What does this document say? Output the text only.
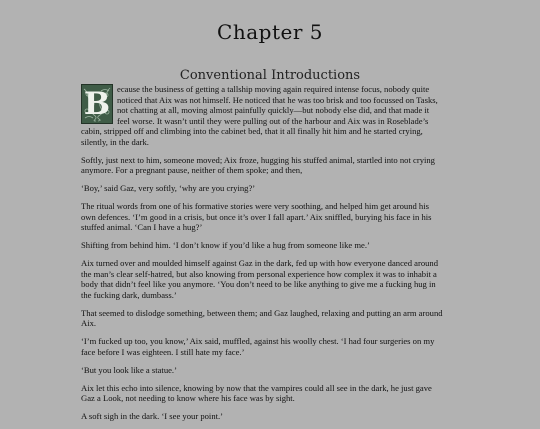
Chapter 5
Conventional Introductions
B ecause the business of getting a tallship moving again required intense focus, nobody quite noticed that Aix was not himself. He noticed that he was too brisk and too focussed on Tasks, not chatting at all, moving almost painfully quickly—but nobody else did, and that made it feel worse. It wasn’t until they were pulling out of the harbour and Aix was in Roseblade’s cabin, stripped off and climbing into the cabinet bed, that it all finally hit him and he started crying, silently, in the dark.

Softly, just next to him, someone moved; Aix froze, hugging his stuffed animal, startled into not crying anymore. For a pregnant pause, neither of them spoke; and then,

‘Boy,’ said Gaz, very softly, ‘why are you crying?’

The ritual words from one of his formative stories were very soothing, and helped him get around his own defences. ‘I’m good in a crisis, but once it’s over I fall apart.’ Aix sniffled, burying his face in his stuffed animal. ‘Can I have a hug?’

Shifting from behind him. ‘I don’t know if you’d like a hug from someone like me.’

Aix turned over and moulded himself against Gaz in the dark, fed up with how everyone danced around the man’s clear self-hatred, but also knowing from personal experience how complex it was to inhabit a body that didn’t feel like you anymore. ‘You don’t need to be like anything to give me a fucking hug in the fucking dark, dumbass.’

That seemed to dislodge something, between them; and Gaz laughed, relaxing and putting an arm around Aix.

‘I’m fucked up too, you know,’ Aix said, muffled, against his woolly chest. ‘I had four surgeries on my face before I was eighteen. I still hate my face.’

‘But you look like a statue.’

Aix let this echo into silence, knowing by now that the vampires could all see in the dark, he just gave Gaz a Look, not needing to know where his face was by sight.

A soft sigh in the dark. ‘I see your point.’
